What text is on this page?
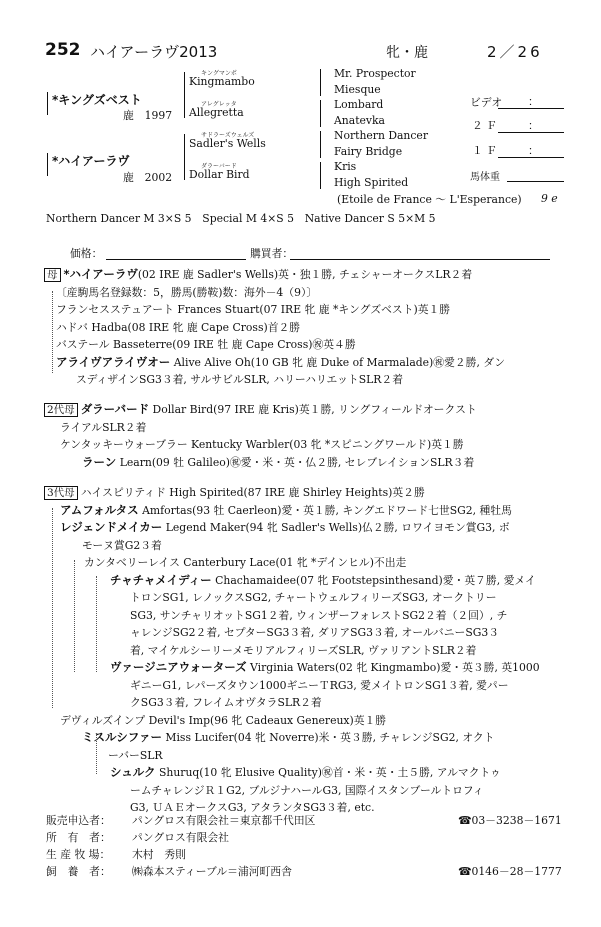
252 ハイアーラヴ2013	牝・鹿	2／26
*キングズベスト
鹿　1997
*ハイアーラヴ
鹿　2002
キングマンボ
Kingmambo
アレグレッタ
Allegretta
サドラーズウェルズ
Sadler's Wells
ダラーバード
Dollar Bird
Mr. Prospector
Miesque
Lombard
Anatevka
Northern Dancer
Fairy Bridge
Kris
High Spirited
(Etoile de France ～ L'Esperance) 9 e
ビデオ ：
２ Ｆ	：
１ Ｆ	：
馬体重
Northern Dancer M 3×S 5　Special M 4×S 5　Native Dancer S 5×M 5
価格：	購買者：
母 *ハイアーラヴ(02 IRE 鹿 Sadler's Wells)英・独１勝, チェシャーオークスLR２着
〔産駒馬名登録数：5，勝馬(勝鞍)数：海外－4（9）〕
フランセスステュアート Frances Stuart(07 IRE 牝 鹿 *キングズベスト)英１勝
ハドバ Hadba(08 IRE 牝 鹿 Cape Cross)首２勝
バステール Basseterre(09 IRE 牡 鹿 Cape Cross)㊗英４勝
アライヴアライヴオー Alive Alive Oh(10 GB 牝 鹿 Duke of Marmalade)㊗愛２勝, ダン
スディザインSG3３着, サルサビルSLR, ハリーハリエットSLR２着
2代母 ダラーバード Dollar Bird(97 IRE 鹿 Kris)英１勝, リングフィールドオークスト
ライアルSLR２着
ケンタッキーウォーブラー Kentucky Warbler(03 牝 *スピニングワールド)英１勝
ラーン Learn(09 牡 Galileo)㊗愛・米・英・仏２勝, セレブレイションSLR３着
3代母 ハイスピリティド High Spirited(87 IRE 鹿 Shirley Heights)英２勝
アムフォルタス Amfortas(93 牡 Caerleon)愛・英１勝, キングエドワード七世SG2, 種牡馬
レジェンドメイカー Legend Maker(94 牝 Sadler's Wells)仏２勝, ロワイヨモン賞G3, ボ
モーヌ賞G2３着
カンタベリーレイス Canterbury Lace(01 牝 *デインヒル)不出走
チャチャメイディー Chachamaidee(07 牝 Footstepsinthesand)愛・英７勝, 愛メイ
トロンSG1, レノックスSG2, チャートウェルフィリーズSG3, オークトリー
SG3, サンチャリオットSG1２着, ウィンザーフォレストSG2２着（２回）, チ
ャレンジSG2２着, セプターSG3３着, ダリアSG3３着, オールバニーSG3３
着, マイケルシーリーメモリアルフィリーズSLR, ヴァリアントSLR２着
ヴァージニアウォーターズ Virginia Waters(02 牝 Kingmambo)愛・英３勝, 英1000
ギニーG1, レパーズタウン1000ギニーＴRG3, 愛メイトロンSG1３着, 愛パー
クSG3３着, フレイムオヴタラSLR２着
デヴィルズインプ Devil's Imp(96 牝 Cadeaux Genereux)英１勝
ミスルシファー Miss Lucifer(04 牝 Noverre)米・英３勝, チャレンジSG2, オクト
ーバーSLR
シュルク Shuruq(10 牝 Elusive Quality)㊗首・米・英・土５勝, アルマクトゥ
ームチャレンジＲ１G2, ブルジナハールG3, 国際イスタンブールトロフィ
G3, ＵＡＥオークスG3, アタランタSG3３着, etc.
販売申込者： パングロス有限会社＝東京都千代田区	☎03－3238－1671
所　有　者： パングロス有限会社
生 産 牧 場： 木村　秀則
飼　養　者： ㈱森本スティーブル＝浦河町西舎	☎0146－28－1777
